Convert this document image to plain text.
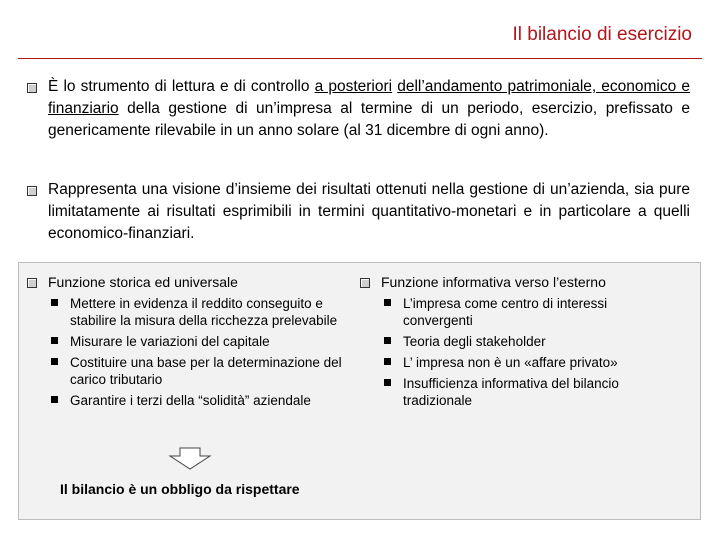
Il bilancio di esercizio
È lo strumento di lettura e di controllo a posteriori dell’andamento patrimoniale, economico e finanziario della gestione di un’impresa al termine di un periodo, esercizio, prefissato e genericamente rilevabile in un anno solare (al 31 dicembre di ogni anno).
Rappresenta una visione d’insieme dei risultati ottenuti nella gestione di un’azienda, sia pure limitatamente ai risultati esprimibili in termini quantitativo-monetari e in particolare a quelli economico-finanziari.
Funzione storica ed universale
Mettere in evidenza il reddito conseguito e stabilire la misura della ricchezza prelevabile
Misurare le variazioni del capitale
Costituire una base per la determinazione del carico tributario
Garantire i terzi della “solidità” aziendale
Funzione informativa verso l’esterno
L’impresa come centro di interessi convergenti
Teoria degli stakeholder
L’ impresa non è un «affare privato»
Insufficienza informativa del bilancio tradizionale
Il bilancio è un obbligo da rispettare
